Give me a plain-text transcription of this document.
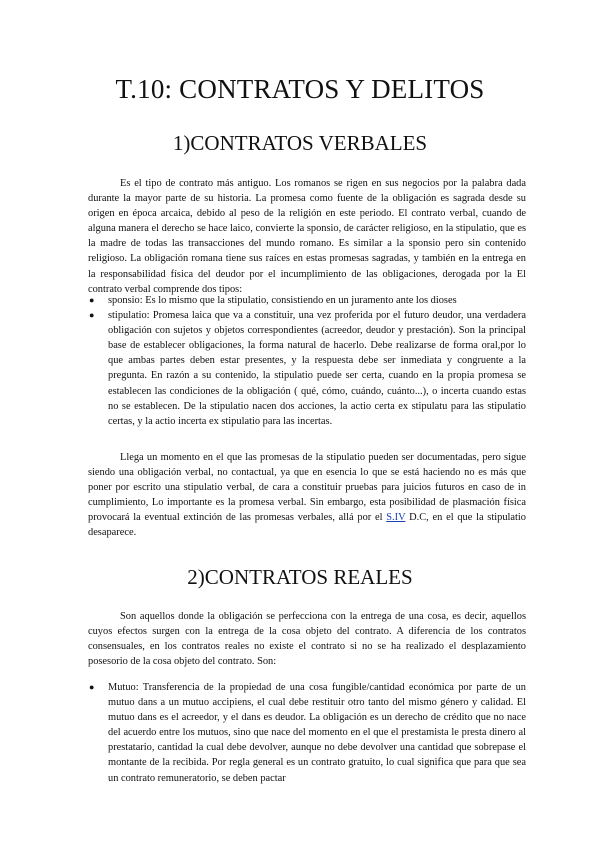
T.10: CONTRATOS Y DELITOS
1)CONTRATOS VERBALES

Es el tipo de contrato más antiguo. Los romanos se rigen en sus negocios por la palabra dada durante la mayor parte de su historia. La promesa como fuente de la obligación es sagrada desde su origen en época arcaica, debido al peso de la religión en este periodo. El contrato verbal, cuando de alguna manera el derecho se hace laico, convierte la sponsio, de carácter religioso, en la stipulatio, que es la madre de todas las transacciones del mundo romano. Es similar a la sponsio pero sin contenido religioso. La obligación romana tiene sus raíces en estas promesas sagradas, y también en la entrega en la responsabilidad física del deudor por el incumplimiento de las obligaciones, derogada por la El contrato verbal comprende dos tipos:

● sponsio: Es lo mismo que la stipulatio, consistiendo en un juramento ante los dioses
● stipulatio: Promesa laica que va a constituir, una vez proferida por el futuro deudor, una verdadera obligación con sujetos y objetos correspondientes (acreedor, deudor y prestación). Son la principal base de establecer obligaciones, la forma natural de hacerlo. Debe realizarse de forma oral,por lo que ambas partes deben estar presentes, y la respuesta debe ser inmediata y congruente a la pregunta. En razón a su contenido, la stipulatio puede ser certa, cuando en la propia promesa se establecen las condiciones de la obligación ( qué, cómo, cuándo, cuánto...), o incerta cuando estas no se establecen. De la stipulatio nacen dos acciones, la actio certa ex stipulatu para las stipulatio certas, y la actio incerta ex stipulatio para las incertas.

Llega un momento en el que las promesas de la stipulatio pueden ser documentadas, pero sigue siendo una obligación verbal, no contactual, ya que en esencia lo que se está haciendo no es más que poner por escrito una stipulatio verbal, de cara a constituir pruebas para juicios futuros en caso de in cumplimiento, Lo importante es la promesa verbal. Sin embargo, esta posibilidad de plasmación física provocará la eventual extinción de las promesas verbales, allá por el S.IV D.C, en el que la stipulatio desaparece.

2)CONTRATOS REALES

Son aquellos donde la obligación se perfecciona con la entrega de una cosa, es decir, aquellos cuyos efectos surgen con la entrega de la cosa objeto del contrato. A diferencia de los contratos consensuales, en los contratos reales no existe el contrato si no se ha realizado el desplazamiento posesorio de la cosa objeto del contrato. Son:

● Mutuo: Transferencia de la propiedad de una cosa fungible/cantidad económica por parte de un mutuo dans a un mutuo accipiens, el cual debe restituir otro tanto del mismo género y calidad. El mutuo dans es el acreedor, y el dans es deudor. La obligación es un derecho de crédito que no nace del acuerdo entre los mutuos, sino que nace del momento en el que el prestamista le presta dinero al prestatario, cantidad la cual debe devolver, aunque no debe devolver una cantidad que sobrepase el montante de la recibida. Por regla general es un contrato gratuito, lo cual significa que para que sea un contrato remuneratorio, se deben pactar
